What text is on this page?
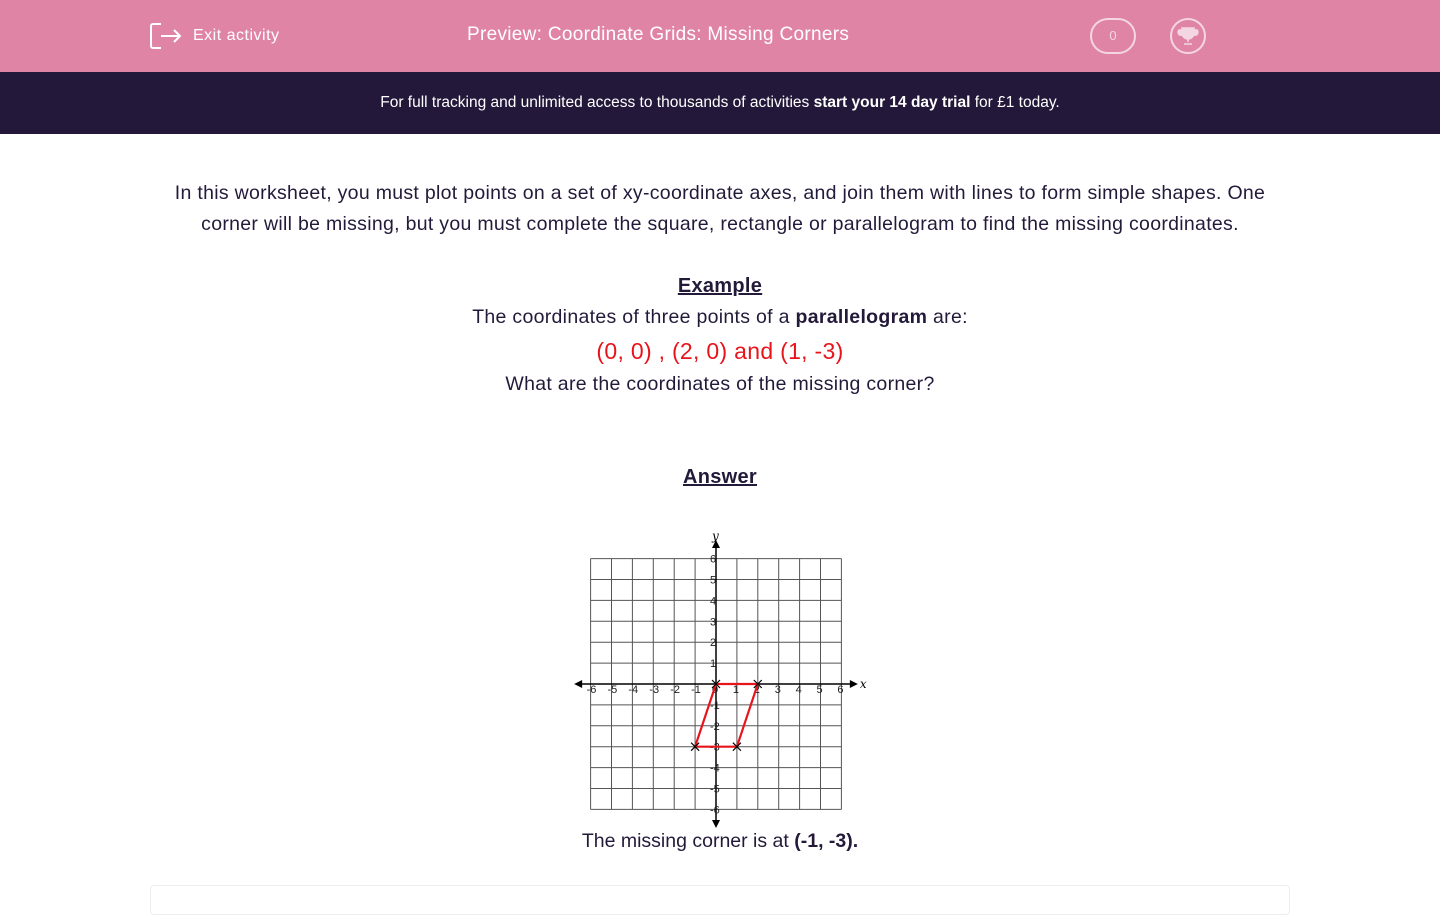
Exit activity	Preview: Coordinate Grids: Missing Corners	0
For full tracking and unlimited access to thousands of activities start your 14 day trial for £1 today.

In this worksheet, you must plot points on a set of xy-coordinate axes, and join them with lines to form simple shapes. One corner will be missing, but you must complete the square, rectangle or parallelogram to find the missing coordinates.

Example

The coordinates of three points of a parallelogram are:

(0, 0) , (2, 0) and (1, -3)

What are the coordinates of the missing corner?

Answer

x
y
-6
-6
-5
-5
-4
-4
-3
-3
-2
-2
-1
-1
0 1
1
2
2
3
3
4
4
5
5
6
6
The missing corner is at (-1, -3).
